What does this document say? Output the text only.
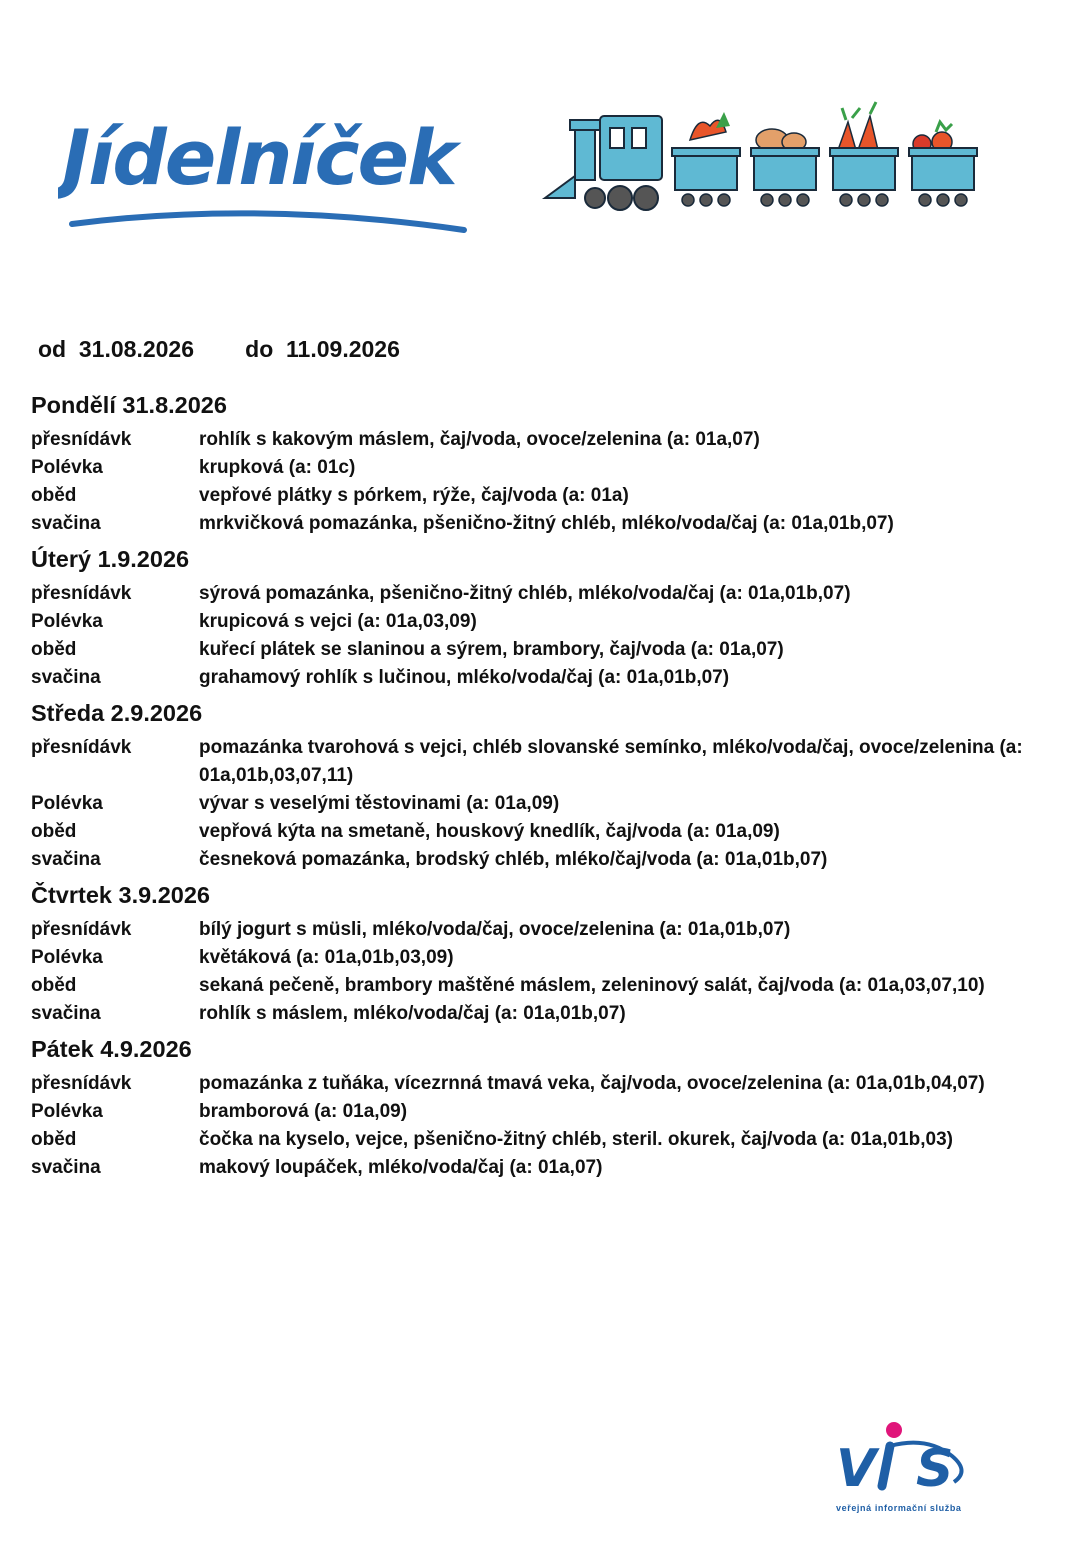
Jídelníček
od 31.08.2026 do 11.09.2026
Pondělí 31.8.2026
přesnídávk	rohlík s kakovým máslem, čaj/voda, ovoce/zelenina (a: 01a,07)
Polévka	krupková (a: 01c)
oběd	vepřové plátky s pórkem, rýže, čaj/voda (a: 01a)
svačina	mrkvičková pomazánka, pšenično-žitný chléb, mléko/voda/čaj (a: 01a,01b,07)
Úterý 1.9.2026
přesnídávk	sýrová pomazánka, pšenično-žitný chléb, mléko/voda/čaj (a: 01a,01b,07)
Polévka	krupicová s vejci (a: 01a,03,09)
oběd	kuřecí plátek se slaninou a sýrem, brambory, čaj/voda (a: 01a,07)
svačina	grahamový rohlík s lučinou, mléko/voda/čaj (a: 01a,01b,07)
Středa 2.9.2026
přesnídávk	pomazánka tvarohová s vejci, chléb slovanské semínko, mléko/voda/čaj, ovoce/zelenina (a: 01a,01b,03,07,11)
Polévka	vývar s veselými těstovinami (a: 01a,09)
oběd	vepřová kýta na smetaně, houskový knedlík, čaj/voda (a: 01a,09)
svačina	česneková pomazánka, brodský chléb, mléko/čaj/voda (a: 01a,01b,07)
Čtvrtek 3.9.2026
přesnídávk	bílý jogurt s müsli, mléko/voda/čaj, ovoce/zelenina (a: 01a,01b,07)
Polévka	květáková (a: 01a,01b,03,09)
oběd	sekaná pečeně, brambory maštěné máslem, zeleninový salát, čaj/voda (a: 01a,03,07,10)
svačina	rohlík s máslem, mléko/voda/čaj (a: 01a,01b,07)
Pátek 4.9.2026
přesnídávk	pomazánka z tuňáka, vícezrnná tmavá veka, čaj/voda, ovoce/zelenina (a: 01a,01b,04,07)
Polévka	bramborová (a: 01a,09)
oběd	čočka na kyselo, vejce, pšenično-žitný chléb, steril. okurek, čaj/voda (a: 01a,01b,03)
svačina	makový loupáček, mléko/voda/čaj (a: 01a,07)
V S
veřejná informační služba
